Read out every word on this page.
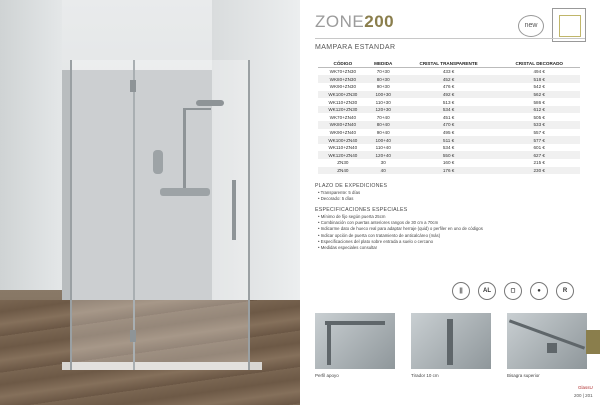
ZONE200	new
MAMPARA ESTANDAR
CÓDIGO	MEDIDA	CRISTAL TRANSPARENTE	CRISTAL DECORADO
WK70+ZN30	70+30	433 €	494 €
WK80+ZN30	80+30	452 €	518 €
WK90+ZN30	90+30	476 €	542 €
WK100+ZN30	100+30	492 €	562 €
WK110+ZN30	110+30	513 €	586 €
WK120+ZN30	120+30	534 €	612 €
WK70+ZN40	70+40	451 €	505 €
WK80+ZN40	80+40	470 €	533 €
WK90+ZN40	90+40	495 €	557 €
WK100+ZN40	100+40	511 €	577 €
WK110+ZN40	110+40	534 €	601 €
WK120+ZN40	120+40	550 €	627 €
ZN30	30	160 €	215 €
ZN40	40	176 €	230 €
PLAZO DE EXPEDICIONES
• Transparente: 5 días
• Decorado: 5 días
ESPECIFICACIONES ESPECIALES
• Mínimo de fijo según puerta 25cm
• Combinación con puertas anteriores rangos de 30 cm a 70cm
• Indicarme dato de hueco real para adaptar herraje (quid) o perfiler en uno de códigos
• Indicar opción de puerta con tratamiento de anticalcáreo (más)
• Especificaciones del plato sobre entrada a suelo o cercano
• Medidas especiales consultar
||	AL	◻	●	R
Perfil apoyo	Tirador 10 cm	Bisagra superior
GlassU
200 | 201
